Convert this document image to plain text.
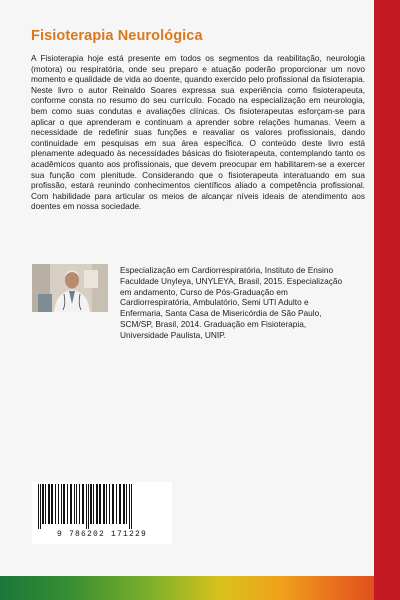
Fisioterapia Neurológica

A Fisioterapia hoje está presente em todos os segmentos da reabilitação, neurologia (motora) ou respiratória, onde seu preparo e atuação poderão proporcionar um novo momento e qualidade de vida ao doente, quando exercido pelo profissional da fisioterapia. Neste livro o autor Reinaldo Soares expressa sua experiência como fisioterapeuta, conforme consta no resumo do seu currículo. Focado na especialização em neurologia, bem como suas condutas e avaliações clínicas. Os fisioterapeutas esforçam-se para aplicar o que aprenderam e continuam a aprender sobre relações humanas. Veem a necessidade de redefinir suas funções e reavaliar os valores profissionais, dando continuidade em pesquisas em sua área específica. O conteúdo deste livro está plenamente adequado às necessidades básicas do fisioterapeuta, contemplando tanto os acadêmicos quanto aos profissionais, que devem preocupar em habilitarem-se a exercer sua função com plenitude. Considerando que o fisioterapeuta interatuando em sua profissão, estará reunindo conhecimentos científicos aliado a competência profissional. Com habilidade para articular os meios de alcançar níveis ideais de atendimento aos doentes em nossa sociedade.

Especialização em Cardiorrespiratória, Instituto de Ensino Faculdade Unyleya, UNYLEYA, Brasil, 2015. Especialização em andamento, Curso de Pós-Graduação em Cardiorrespiratória, Ambulatório, Semi UTI Adulto e Enfermaria, Santa Casa de Misericórdia de São Paulo, SCM/SP, Brasil, 2014. Graduação em Fisioterapia, Universidade Paulista, UNIP.

9 786202 171229
